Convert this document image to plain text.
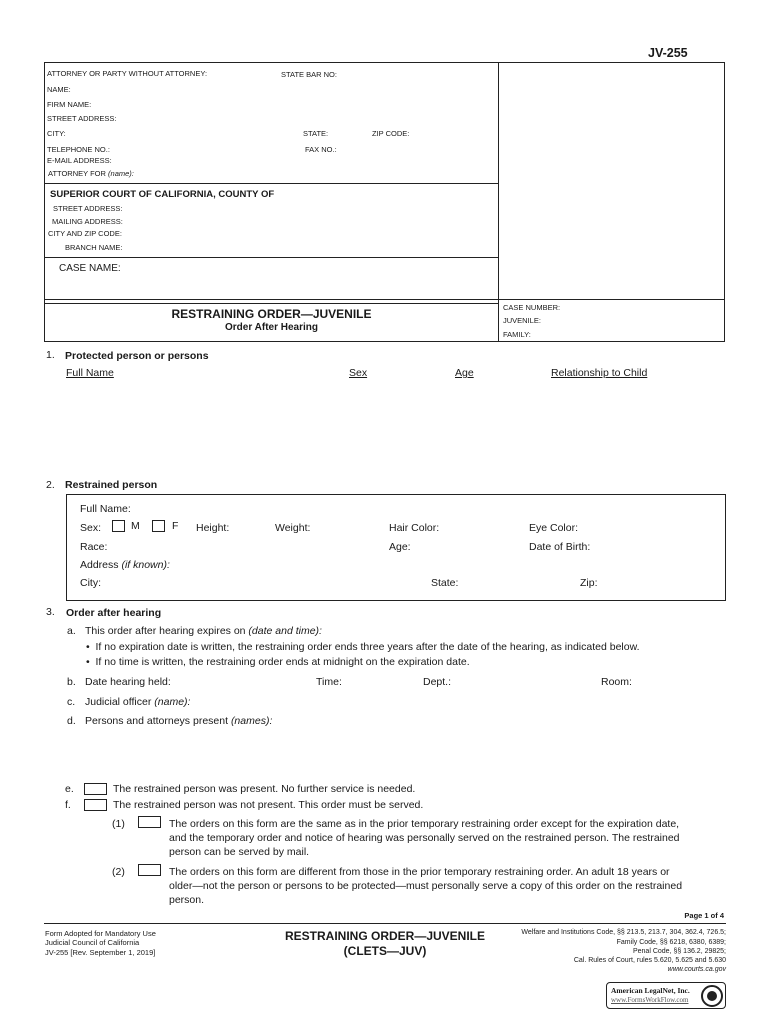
JV-255
ATTORNEY OR PARTY WITHOUT ATTORNEY:	STATE BAR NO:
NAME:
FIRM NAME:
STREET ADDRESS:
CITY:	STATE:	ZIP CODE:
TELEPHONE NO.:	FAX NO.:
E-MAIL ADDRESS:
ATTORNEY FOR (name):
SUPERIOR COURT OF CALIFORNIA, COUNTY OF
STREET ADDRESS:
MAILING ADDRESS:
CITY AND ZIP CODE:
BRANCH NAME:
CASE NAME:
RESTRAINING ORDER—JUVENILE
Order After Hearing
CASE NUMBER:
JUVENILE:
FAMILY:
1. Protected person or persons
Full Name	Sex	Age	Relationship to Child
2. Restrained person
Full Name:
Sex:	M	F Height:	Weight:	Hair Color:	Eye Color:
Race:	Age:	Date of Birth:
Address (if known):
City:	State:	Zip:
3. Order after hearing
a. This order after hearing expires on (date and time):
•  If no expiration date is written, the restraining order ends three years after the date of the hearing, as indicated below.
•  If no time is written, the restraining order ends at midnight on the expiration date.
b. Date hearing held:	Time:	Dept.:	Room:
c. Judicial officer (name):
d. Persons and attorneys present (names):
e.	The restrained person was present. No further service is needed.
f.	The restrained person was not present. This order must be served.
(1)	The orders on this form are the same as in the prior temporary restraining order except for the expiration date,
and the temporary order and notice of hearing was personally served on the restrained person. The restrained
person can be served by mail.
(2)	The orders on this form are different from those in the prior temporary restraining order. An adult 18 years or
older—not the person or persons to be protected—must personally serve a copy of this order on the restrained
person.
Page 1 of 4
Form Adopted for Mandatory Use
Judicial Council of California
JV-255 [Rev. September 1, 2019]
RESTRAINING ORDER—JUVENILE
(CLETS—JUV)
Welfare and Institutions Code, §§ 213.5, 213.7, 304, 362.4, 726.5;
Family Code, §§ 6218, 6380, 6389;
Penal Code, §§ 136.2, 29825;
Cal. Rules of Court, rules 5.620, 5.625 and 5.630
www.courts.ca.gov
American LegalNet, Inc.
www.FormsWorkFlow.com
